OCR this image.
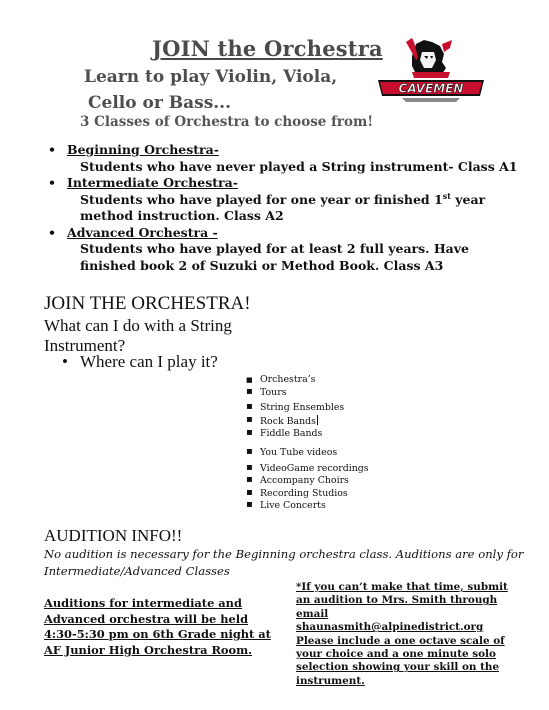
JOIN the Orchestra
Learn to play Violin, Viola,
Cello or Bass...
3 Classes of Orchestra to choose from!
CAVEMEN
• Beginning Orchestra-
Students who have never played a String instrument- Class A1
• Intermediate Orchestra-
Students who have played for one year or finished 1st year method instruction. Class A2
• Advanced Orchestra -
Students who have played for at least 2 full years. Have finished book 2 of Suzuki or Method Book. Class A3
JOIN THE ORCHESTRA!
What can I do with a String Instrument?
• Where can I play it?
■ Orchestra’s
▪ Tours
▪ String Ensembles
▪ Rock Bands
▪ Fiddle Bands
▪ You Tube videos
▪ VideoGame recordings
▪ Accompany Choirs
▪ Recording Studios
▪ Live Concerts
AUDITION INFO!!
No audition is necessary for the Beginning orchestra class. Auditions are only for Intermediate/Advanced Classes
Auditions for intermediate and Advanced orchestra will be held 4:30-5:30 pm on 6th Grade night at AF Junior High Orchestra Room.
*If you can’t make that time, submit an audition to Mrs. Smith through email shaunasmith@alpinedistrict.org Please include a one octave scale of your choice and a one minute solo selection showing your skill on the instrument.
